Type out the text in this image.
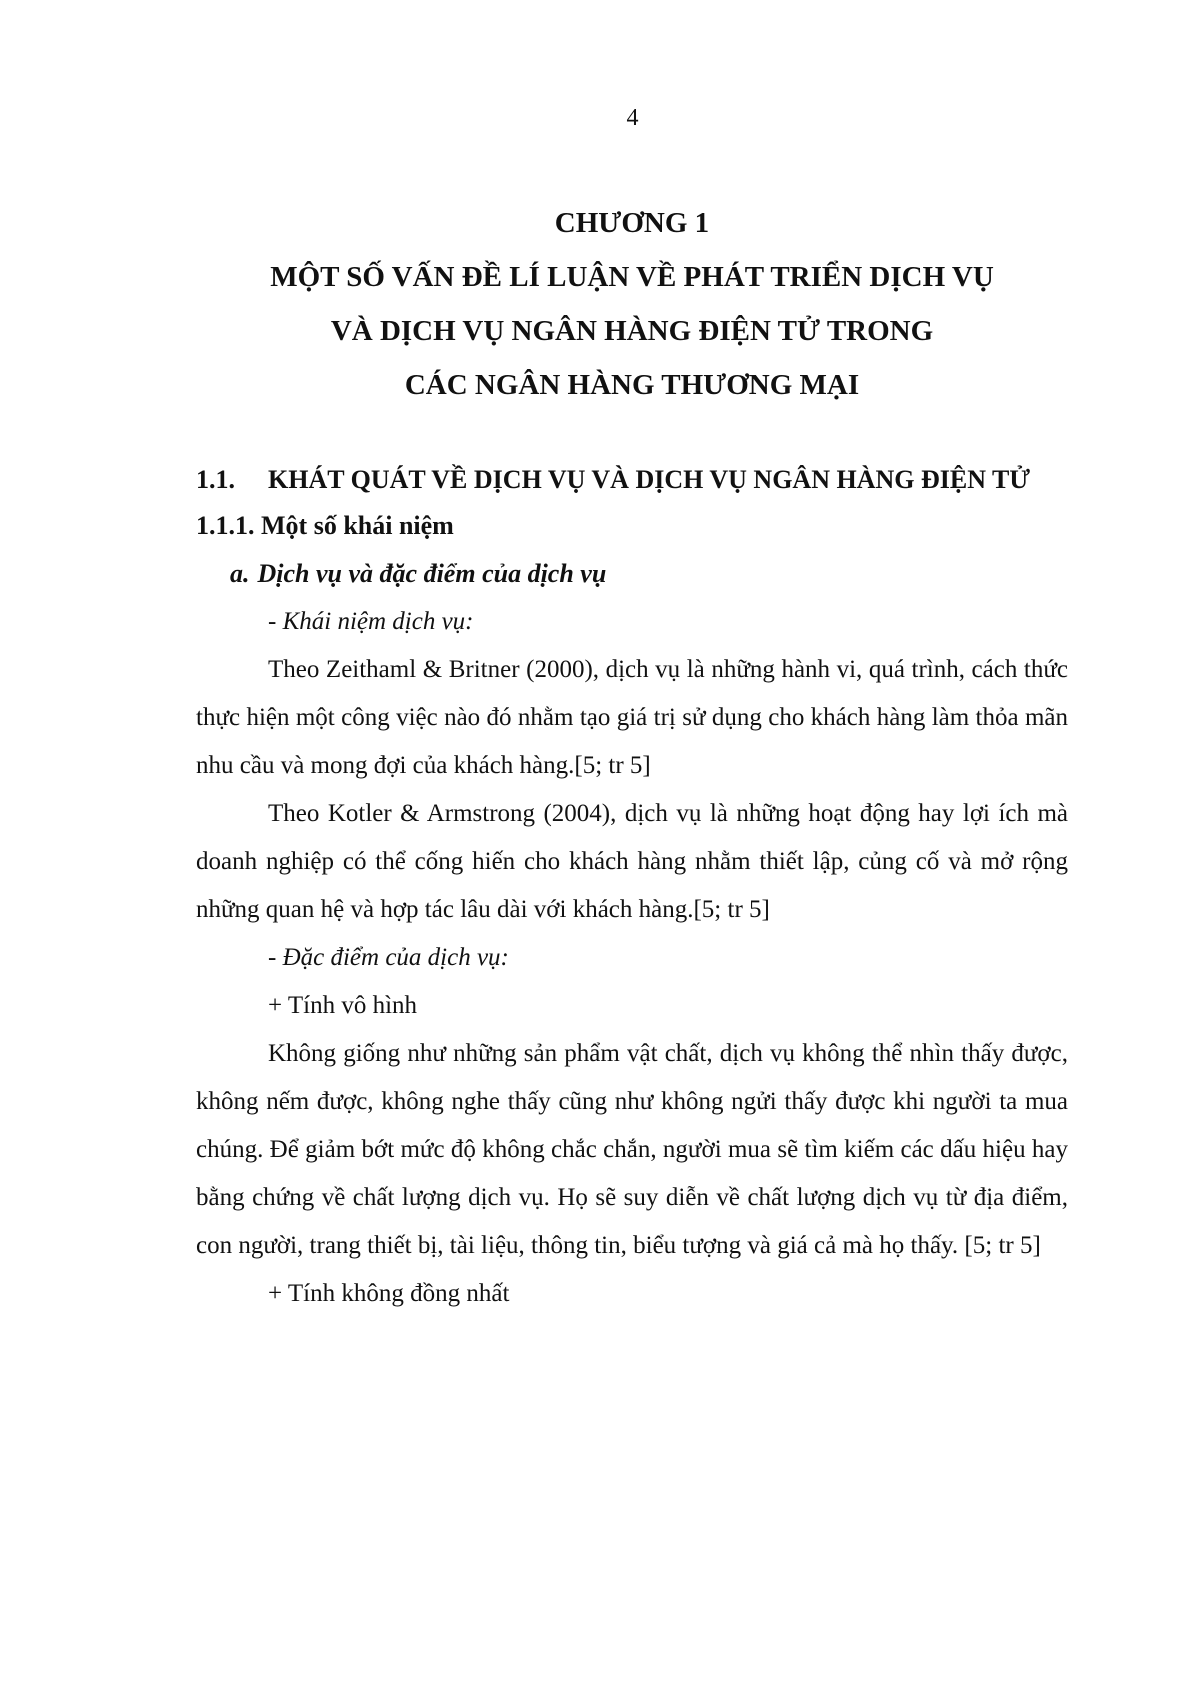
4
CHƯƠNG 1
MỘT SỐ VẤN ĐỀ LÍ LUẬN VỀ PHÁT TRIỂN DỊCH VỤ
VÀ DỊCH VỤ NGÂN HÀNG ĐIỆN TỬ TRONG
CÁC NGÂN HÀNG THƯƠNG MẠI
1.1.	KHÁT QUÁT VỀ DỊCH VỤ VÀ DỊCH VỤ NGÂN HÀNG ĐIỆN TỬ
1.1.1. Một số khái niệm
a. Dịch vụ và đặc điểm của dịch vụ

- Khái niệm dịch vụ:

Theo Zeithaml & Britner (2000), dịch vụ là những hành vi, quá trình, cách thức thực hiện một công việc nào đó nhằm tạo giá trị sử dụng cho khách hàng làm thỏa mãn nhu cầu và mong đợi của khách hàng.[5; tr 5]

Theo Kotler & Armstrong (2004), dịch vụ là những hoạt động hay lợi ích mà doanh nghiệp có thể cống hiến cho khách hàng nhằm thiết lập, củng cố và mở rộng những quan hệ và hợp tác lâu dài với khách hàng.[5; tr 5]

- Đặc điểm của dịch vụ:

+ Tính vô hình

Không giống như những sản phẩm vật chất, dịch vụ không thể nhìn thấy được, không nếm được, không nghe thấy cũng như không ngửi thấy được khi người ta mua chúng. Để giảm bớt mức độ không chắc chắn, người mua sẽ tìm kiếm các dấu hiệu hay bằng chứng về chất lượng dịch vụ. Họ sẽ suy diễn về chất lượng dịch vụ từ địa điểm, con người, trang thiết bị, tài liệu, thông tin, biểu tượng và giá cả mà họ thấy. [5; tr 5]

+ Tính không đồng nhất
